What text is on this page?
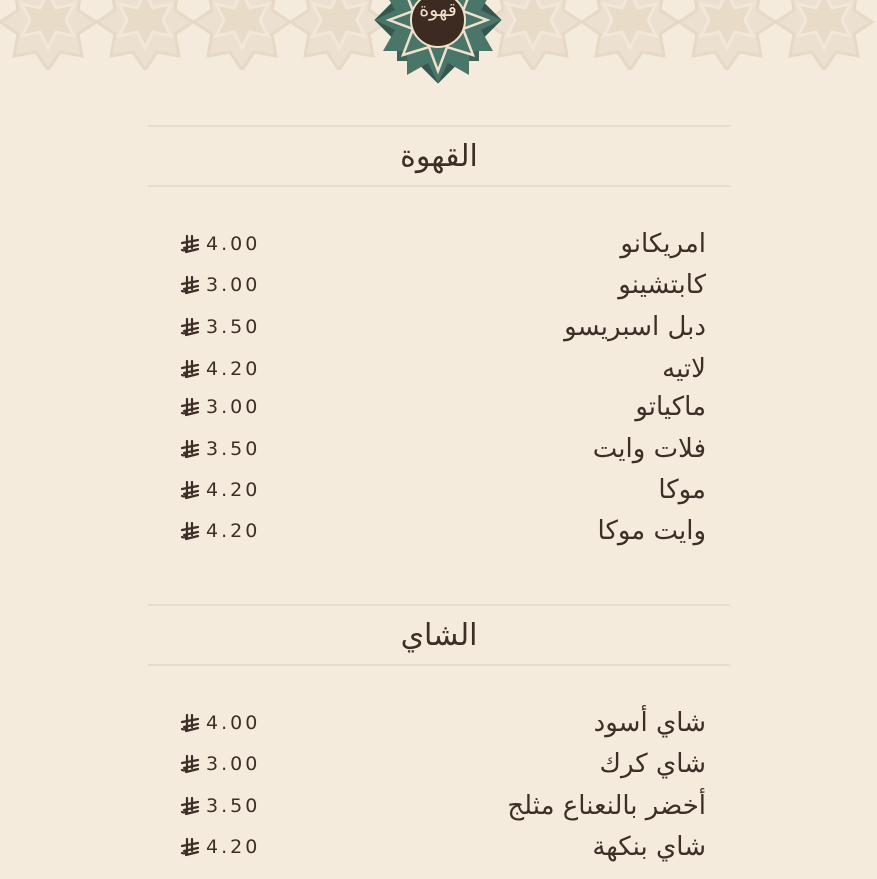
قهوة
القهوة
امريكانو
4.00
كابتشينو
3.00
دبل اسبريسو
3.50
لاتيه
4.20
ماكياتو
3.00
فلات وايت
3.50
موكا
4.20
وايت موكا
4.20
الشاي
شاي أسود
4.00
شاي كرك
3.00
أخضر بالنعناع مثلج
3.50
شاي بنكهة
4.20
